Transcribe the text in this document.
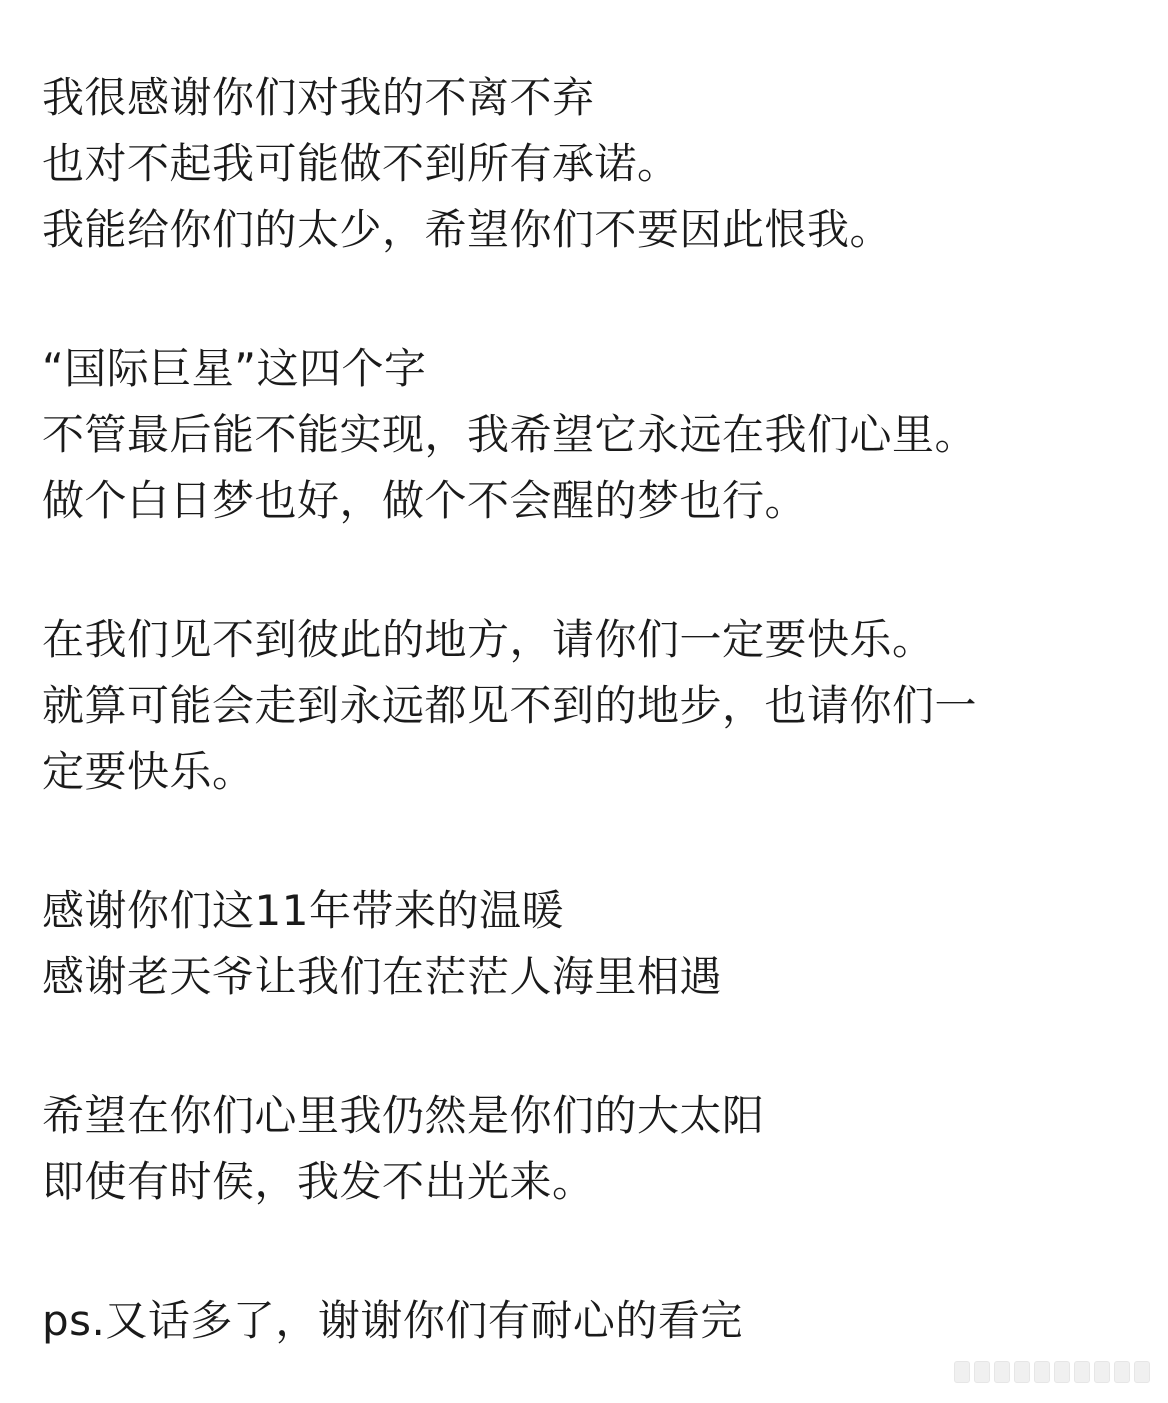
我很感谢你们对我的不离不弃
也对不起我可能做不到所有承诺。
我能给你们的太少，希望你们不要因此恨我。
“国际巨星”这四个字
不管最后能不能实现，我希望它永远在我们心里。
做个白日梦也好，做个不会醒的梦也行。
在我们见不到彼此的地方，请你们一定要快乐。
就算可能会走到永远都见不到的地步，也请你们一
定要快乐。
感谢你们这11年带来的温暖
感谢老天爷让我们在茫茫人海里相遇
希望在你们心里我仍然是你们的大太阳
即使有时侯，我发不出光来。
ps.又话多了，谢谢你们有耐心的看完
